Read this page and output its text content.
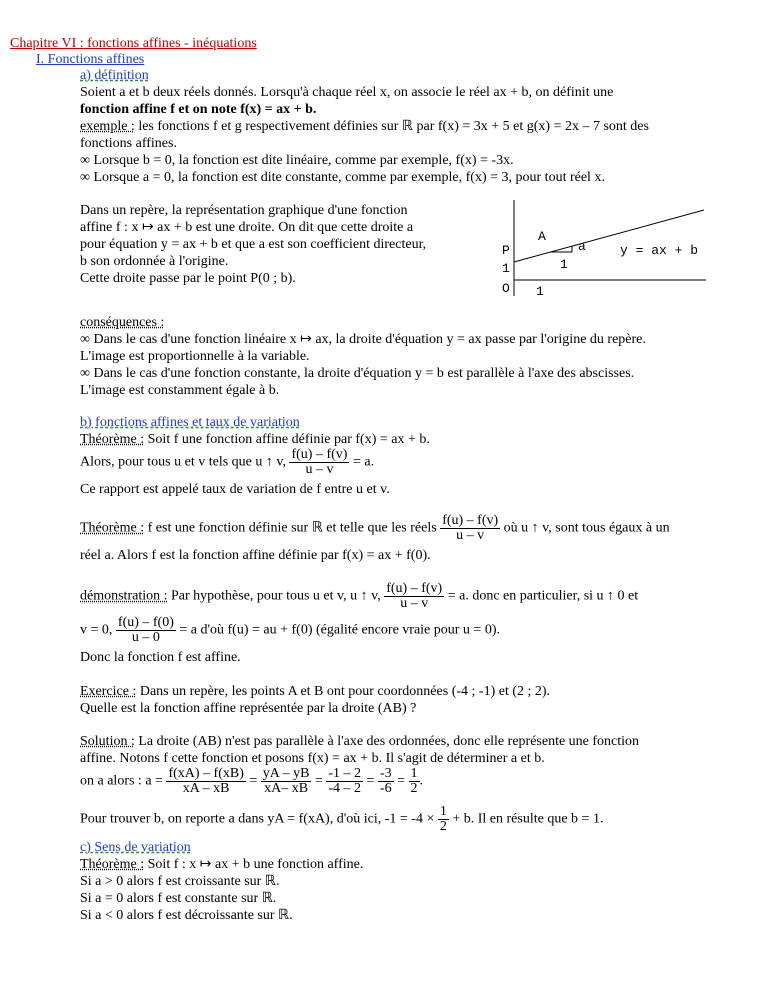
Chapitre VI : fonctions affines - inéquations
I. Fonctions affines
a) définition
Soient a et b deux réels donnés. Lorsqu'à chaque réel x, on associe le réel ax + b, on définit une
fonction affine f et on note f(x) = ax + b.
exemple : les fonctions f et g respectivement définies sur ℝ par f(x) = 3x + 5 et g(x) = 2x – 7 sont des
fonctions affines.
∞ Lorsque b = 0, la fonction est dite linéaire, comme par exemple, f(x) = -3x.
∞ Lorsque a = 0, la fonction est dite constante, comme par exemple, f(x) = 3, pour tout réel x.
Dans un repère, la représentation graphique d'une fonction
affine f : x ↦ ax + b est une droite. On dit que cette droite a
pour équation y = ax + b et que a est son coefficient directeur,
b son ordonnée à l'origine.
Cette droite passe par le point P(0 ; b).
A
a
1
P
1
O 1
y = ax + b
conséquences :
∞ Dans le cas d'une fonction linéaire x ↦ ax, la droite d'équation y = ax passe par l'origine du repère.
L'image est proportionnelle à la variable.
∞ Dans le cas d'une fonction constante, la droite d'équation y = b est parallèle à l'axe des abscisses.
L'image est constamment égale à b.
b) fonctions affines et taux de variation
Théorème : Soit f une fonction affine définie par f(x) = ax + b.
Alors, pour tous u et v tels que u ↑ v, $\frac{f(u) - f(v)}{u - v} = a$.
Ce rapport est appelé taux de variation de f entre u et v.
Théorème : f est une fonction définie sur ℝ et telle que les réels $\frac{f(u) - f(v)}{u - v}$ où u ↑ v, sont tous égaux à un
réel a. Alors f est la fonction affine définie par f(x) = ax + f(0).
démonstration : Par hypothèse, pour tous u et v, u ↑ v, $\frac{f(u) - f(v)}{u - v} = a$. donc en particulier, si u ↑ 0 et
v = 0, $\frac{f(u) - f(0)}{u - 0} = a$ d'où f(u) = au + f(0) (égalité encore vraie pour u = 0).
Donc la fonction f est affine.
Exercice : Dans un repère, les points A et B ont pour coordonnées (-4 ; -1) et (2 ; 2).
Quelle est la fonction affine représentée par la droite (AB) ?
Solution : La droite (AB) n'est pas parallèle à l'axe des ordonnées, donc elle représente une fonction
affine. Notons f cette fonction et posons f(x) = ax + b. Il s'agit de déterminer a et b.
on a alors : $a = \frac{f(xA) - f(xB)}{xA - xB} = \frac{yA - yB}{xA- xB} = \frac{-1 - 2}{-4 - 2} = \frac{-3}{-6} = \frac{1}{2}$ .
Pour trouver b, on reporte a dans yA = f(xA), d'où ici, $-1 = -4 \times \frac{1}{2} + b$. Il en résulte que b = 1.
c) Sens de variation
Théorème : Soit f : x ↦ ax + b une fonction affine.
Si a > 0 alors f est croissante sur ℝ.
Si a = 0 alors f est constante sur ℝ.
Si a < 0 alors f est décroissante sur ℝ.
